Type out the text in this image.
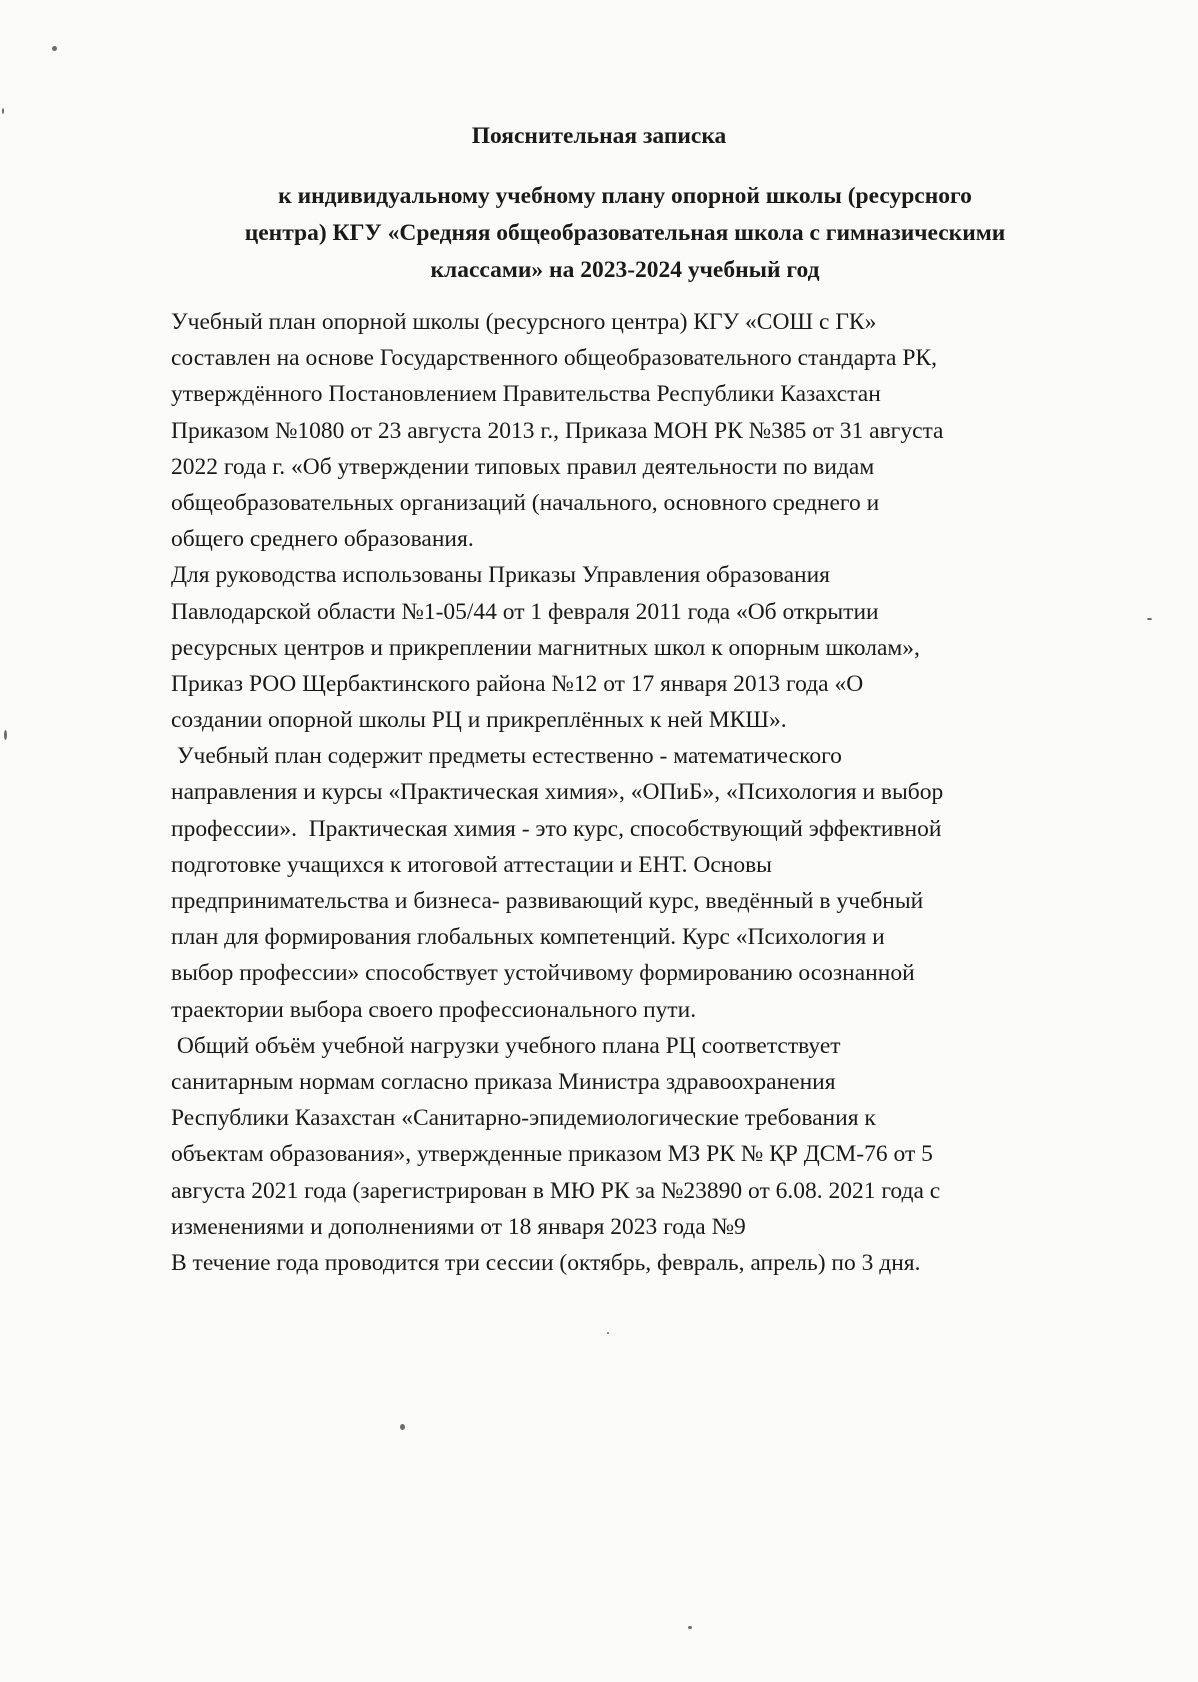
Пояснительная записка
к индивидуальному учебному плану опорной школы (ресурсного
центра) КГУ «Средняя общеобразовательная школа с гимназическими
классами» на 2023-2024 учебный год
Учебный план опорной школы (ресурсного центра) КГУ «СОШ с ГК»
составлен на основе Государственного общеобразовательного стандарта РК,
утверждённого Постановлением Правительства Республики Казахстан
Приказом №1080 от 23 августа 2013 г., Приказа МОН РК №385 от 31 августа
2022 года г. «Об утверждении типовых правил деятельности по видам
общеобразовательных организаций (начального, основного среднего и
общего среднего образования.
Для руководства использованы Приказы Управления образования
Павлодарской области №1-05/44 от 1 февраля 2011 года «Об открытии
ресурсных центров и прикреплении магнитных школ к опорным школам»,
Приказ РОО Щербактинского района №12 от 17 января 2013 года «О
создании опорной школы РЦ и прикреплённых к ней МКШ».
Учебный план содержит предметы естественно - математического
направления и курсы «Практическая химия», «ОПиБ», «Психология и выбор
профессии».  Практическая химия - это курс, способствующий эффективной
подготовке учащихся к итоговой аттестации и ЕНТ. Основы
предпринимательства и бизнеса- развивающий курс, введённый в учебный
план для формирования глобальных компетенций. Курс «Психология и
выбор профессии» способствует устойчивому формированию осознанной
траектории выбора своего профессионального пути.
Общий объём учебной нагрузки учебного плана РЦ соответствует
санитарным нормам согласно приказа Министра здравоохранения
Республики Казахстан «Санитарно-эпидемиологические требования к
объектам образования», утвержденные приказом МЗ РК № ҚР ДСМ-76 от 5
августа 2021 года (зарегистрирован в МЮ РК за №23890 от 6.08. 2021 года с
изменениями и дополнениями от 18 января 2023 года №9
В течение года проводится три сессии (октябрь, февраль, апрель) по 3 дня.
